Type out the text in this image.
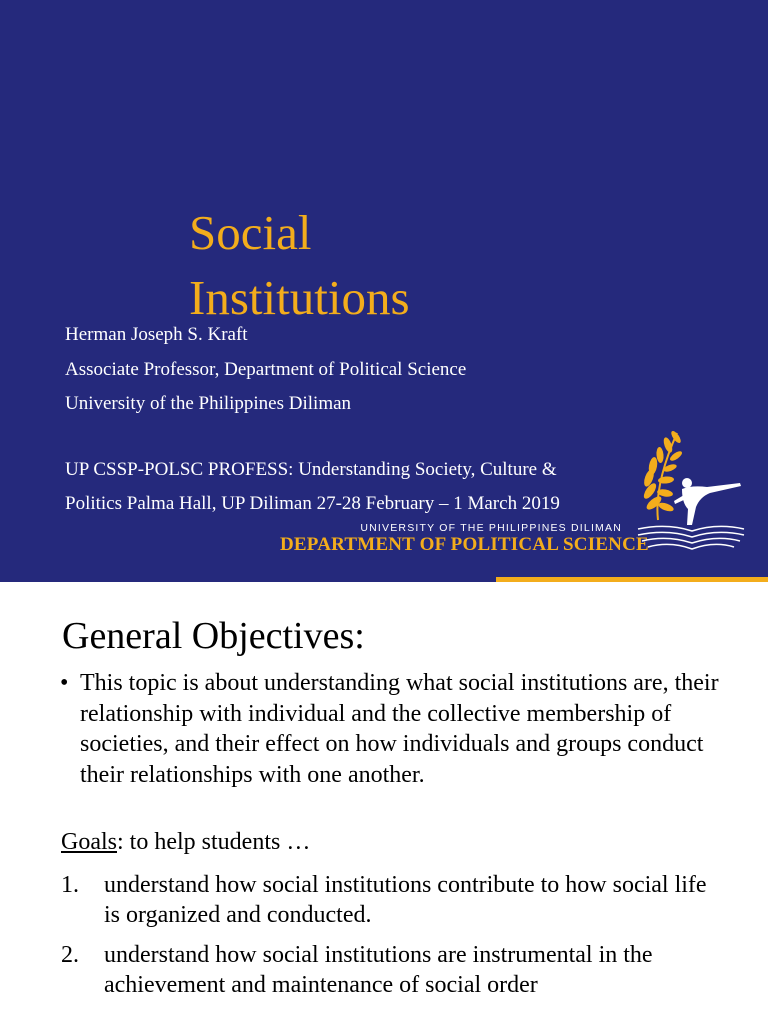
Social
Institutions
Herman Joseph S. Kraft
Associate Professor, Department of Political Science
University of the Philippines Diliman
UP CSSP-POLSC PROFESS: Understanding Society, Culture &
Politics Palma Hall, UP Diliman 27-28 February – 1 March 2019
UNIVERSITY OF THE PHILIPPINES DILIMAN
DEPARTMENT OF POLITICAL SCIENCE
General Objectives:
• This topic is about understanding what social institutions are, their relationship with individual and the collective membership of societies, and their effect on how individuals and groups conduct their relationships with one another.
Goals: to help students …
1. understand how social institutions contribute to how social life is organized and conducted.
2. understand how social institutions are instrumental in the achievement and maintenance of social order
